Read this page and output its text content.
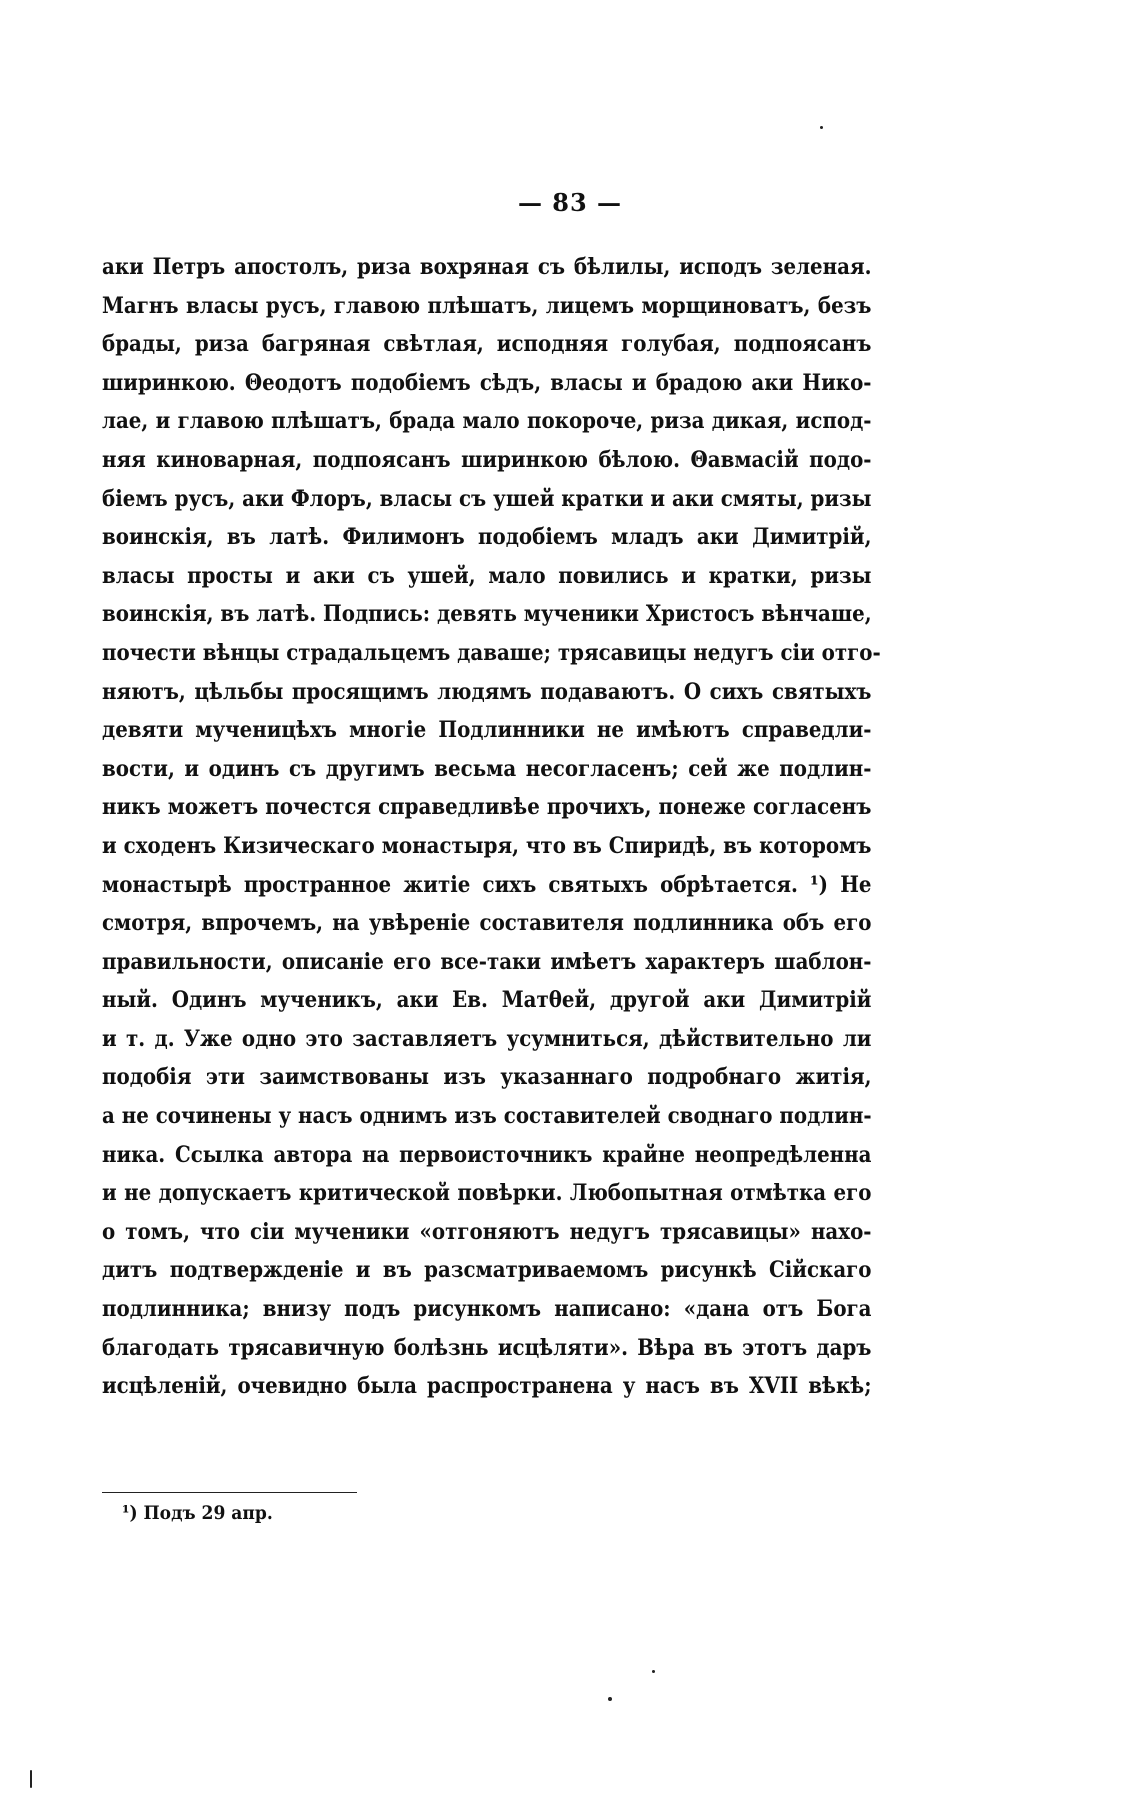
— 83 —
аки Петръ апостолъ, риза вохряная съ бѣлилы, исподъ зеленая.
Магнъ власы русъ, главою плѣшатъ, лицемъ морщиноватъ, безъ
брады, риза багряная свѣтлая, исподняя голубая, подпоясанъ
ширинкою. Θеодотъ подобіемъ сѣдъ, власы и брадою аки Нико-
лае, и главою плѣшатъ, брада мало покороче, риза дикая, испод-
няя киноварная, подпоясанъ ширинкою бѣлою. Θавмасій подо-
біемъ русъ, аки Флоръ, власы съ ушей кратки и аки смяты, ризы
воинскія, въ латѣ. Филимонъ подобіемъ младъ аки Димитрій,
власы просты и аки съ ушей, мало повились и кратки, ризы
воинскія, въ латѣ. Подпись: девять мученики Христосъ вѣнчаше,
почести вѣнцы страдальцемъ даваше; трясавицы недугъ сіи отго-
няютъ, цѣльбы просящимъ людямъ подаваютъ. О сихъ святыхъ
девяти мученицѣхъ многіе Подлинники не имѣютъ справедли-
вости, и одинъ съ другимъ весьма несогласенъ; сей же подлин-
никъ можетъ почестся справедливѣе прочихъ, понеже согласенъ
и сходенъ Кизическаго монастыря, что въ Спиридѣ, въ которомъ
монастырѣ пространное житіе сихъ святыхъ обрѣтается. ¹) Не
смотря, впрочемъ, на увѣреніе составителя подлинника объ его
правильности, описаніе его все-таки имѣетъ характеръ шаблон-
ный. Одинъ мученикъ, аки Ев. Матθей, другой аки Димитрій
и т. д. Уже одно это заставляетъ усумниться, дѣйствительно ли
подобія эти заимствованы изъ указаннаго подробнаго житія,
а не сочинены у насъ однимъ изъ составителей своднаго подлин-
ника. Ссылка автора на первоисточникъ крайне неопредѣленна
и не допускаетъ критической повѣрки. Любопытная отмѣтка его
о томъ, что сіи мученики «отгоняютъ недугъ трясавицы» нахо-
дитъ подтвержденіе и въ разсматриваемомъ рисункѣ Сійскаго
подлинника; внизу подъ рисункомъ написано: «дана отъ Бога
благодать трясавичную болѣзнь исцѣляти». Вѣра въ этотъ даръ
исцѣленій, очевидно была распространена у насъ въ XVII вѣкѣ;
¹) Подъ 29 апр.
